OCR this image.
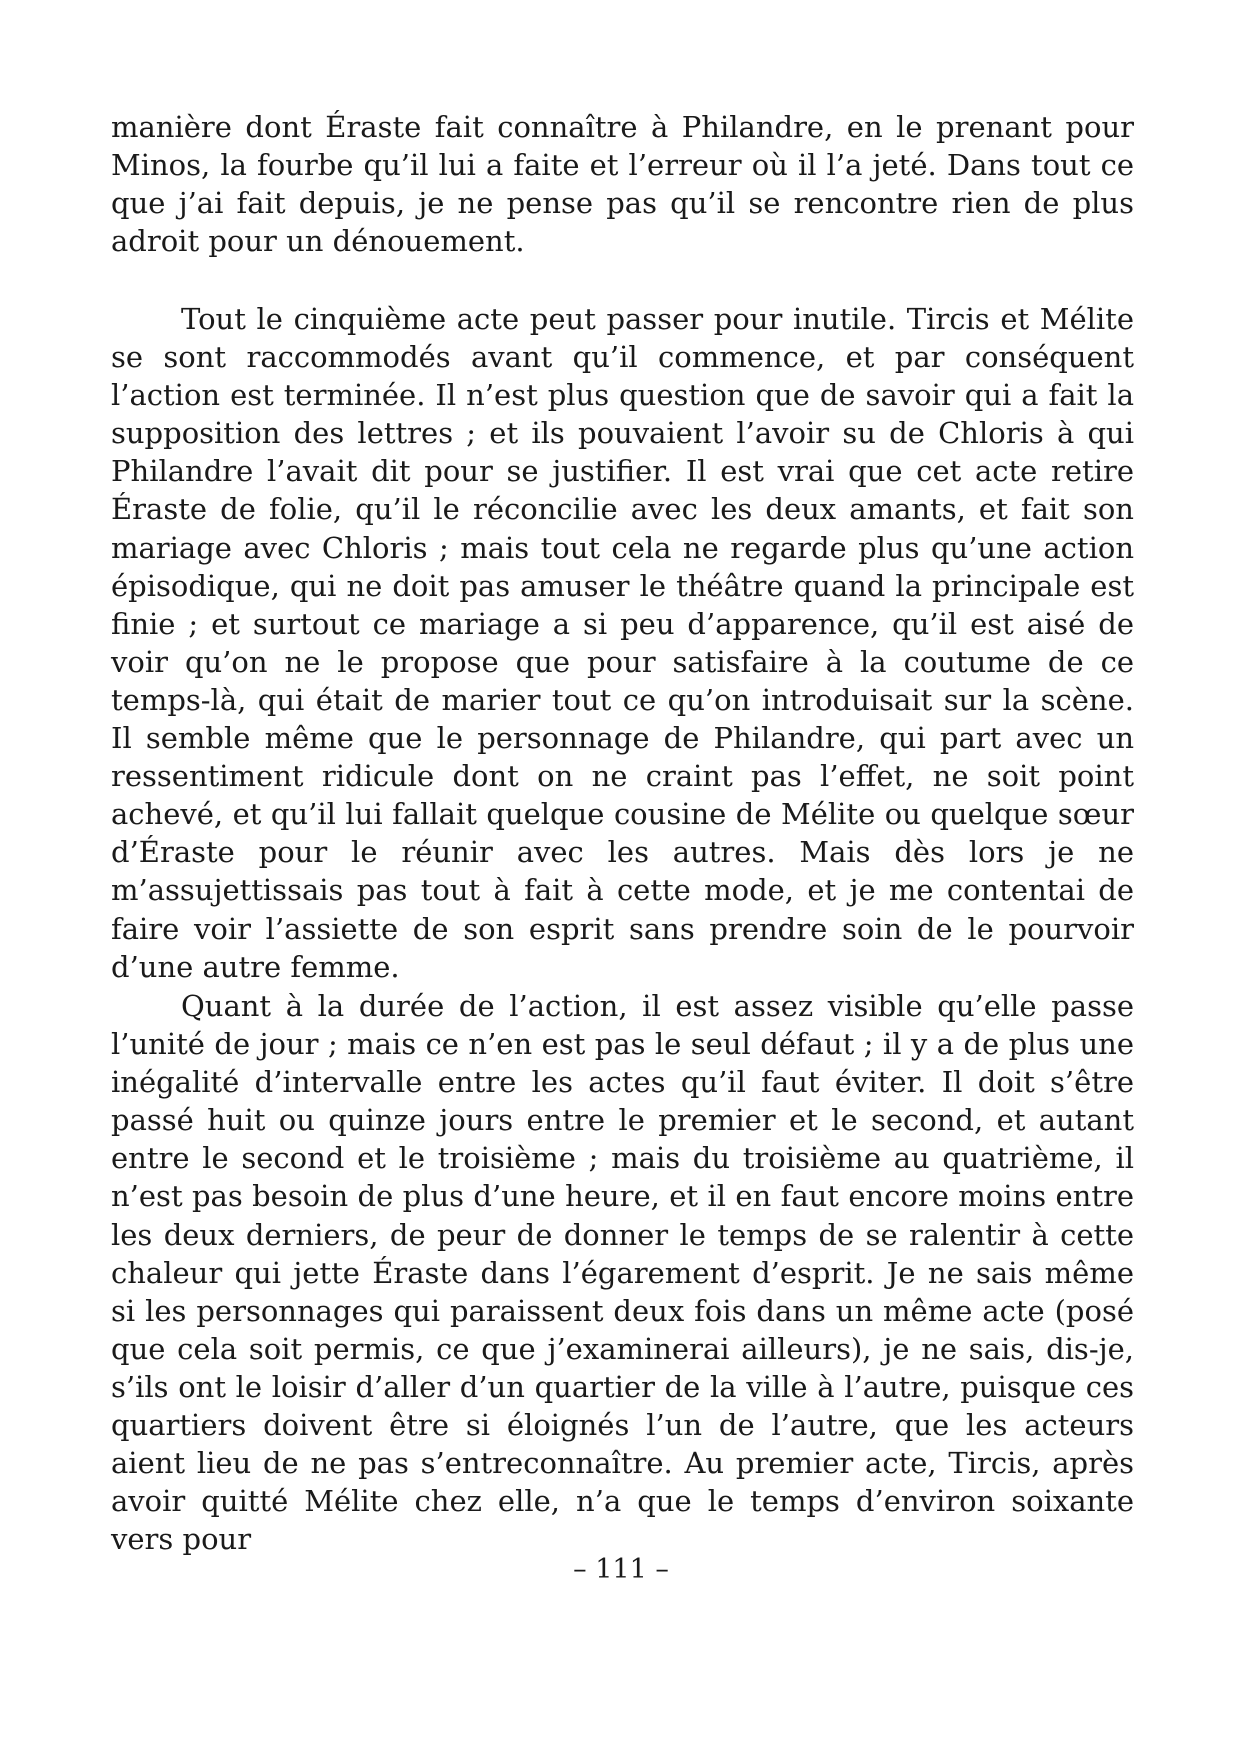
manière dont Éraste fait connaître à Philandre, en le prenant pour Minos, la fourbe qu’il lui a faite et l’erreur où il l’a jeté. Dans tout ce que j’ai fait depuis, je ne pense pas qu’il se rencontre rien de plus adroit pour un dénouement.

Tout le cinquième acte peut passer pour inutile. Tircis et Mélite se sont raccommodés avant qu’il commence, et par conséquent l’action est terminée. Il n’est plus question que de savoir qui a fait la supposition des lettres ; et ils pouvaient l’avoir su de Chloris à qui Philandre l’avait dit pour se justifier. Il est vrai que cet acte retire Éraste de folie, qu’il le réconcilie avec les deux amants, et fait son mariage avec Chloris ; mais tout cela ne regarde plus qu’une action épisodique, qui ne doit pas amuser le théâtre quand la principale est finie ; et surtout ce mariage a si peu d’apparence, qu’il est aisé de voir qu’on ne le propose que pour satisfaire à la coutume de ce temps-là, qui était de marier tout ce qu’on introduisait sur la scène. Il semble même que le personnage de Philandre, qui part avec un ressentiment ridicule dont on ne craint pas l’effet, ne soit point achevé, et qu’il lui fallait quelque cousine de Mélite ou quelque sœur d’Éraste pour le réunir avec les autres. Mais dès lors je ne m’assujettissais pas tout à fait à cette mode, et je me contentai de faire voir l’assiette de son esprit sans prendre soin de le pourvoir d’une autre femme.

Quant à la durée de l’action, il est assez visible qu’elle passe l’unité de jour ; mais ce n’en est pas le seul défaut ; il y a de plus une inégalité d’intervalle entre les actes qu’il faut éviter. Il doit s’être passé huit ou quinze jours entre le premier et le second, et autant entre le second et le troisième ; mais du troisième au quatrième, il n’est pas besoin de plus d’une heure, et il en faut encore moins entre les deux derniers, de peur de donner le temps de se ralentir à cette chaleur qui jette Éraste dans l’égarement d’esprit. Je ne sais même si les personnages qui paraissent deux fois dans un même acte (posé que cela soit permis, ce que j’examinerai ailleurs), je ne sais, dis-je, s’ils ont le loisir d’aller d’un quartier de la ville à l’autre, puisque ces quartiers doivent être si éloignés l’un de l’autre, que les acteurs aient lieu de ne pas s’entreconnaître. Au premier acte, Tircis, après avoir quitté Mélite chez elle, n’a que le temps d’environ soixante vers pour

– 111 –
